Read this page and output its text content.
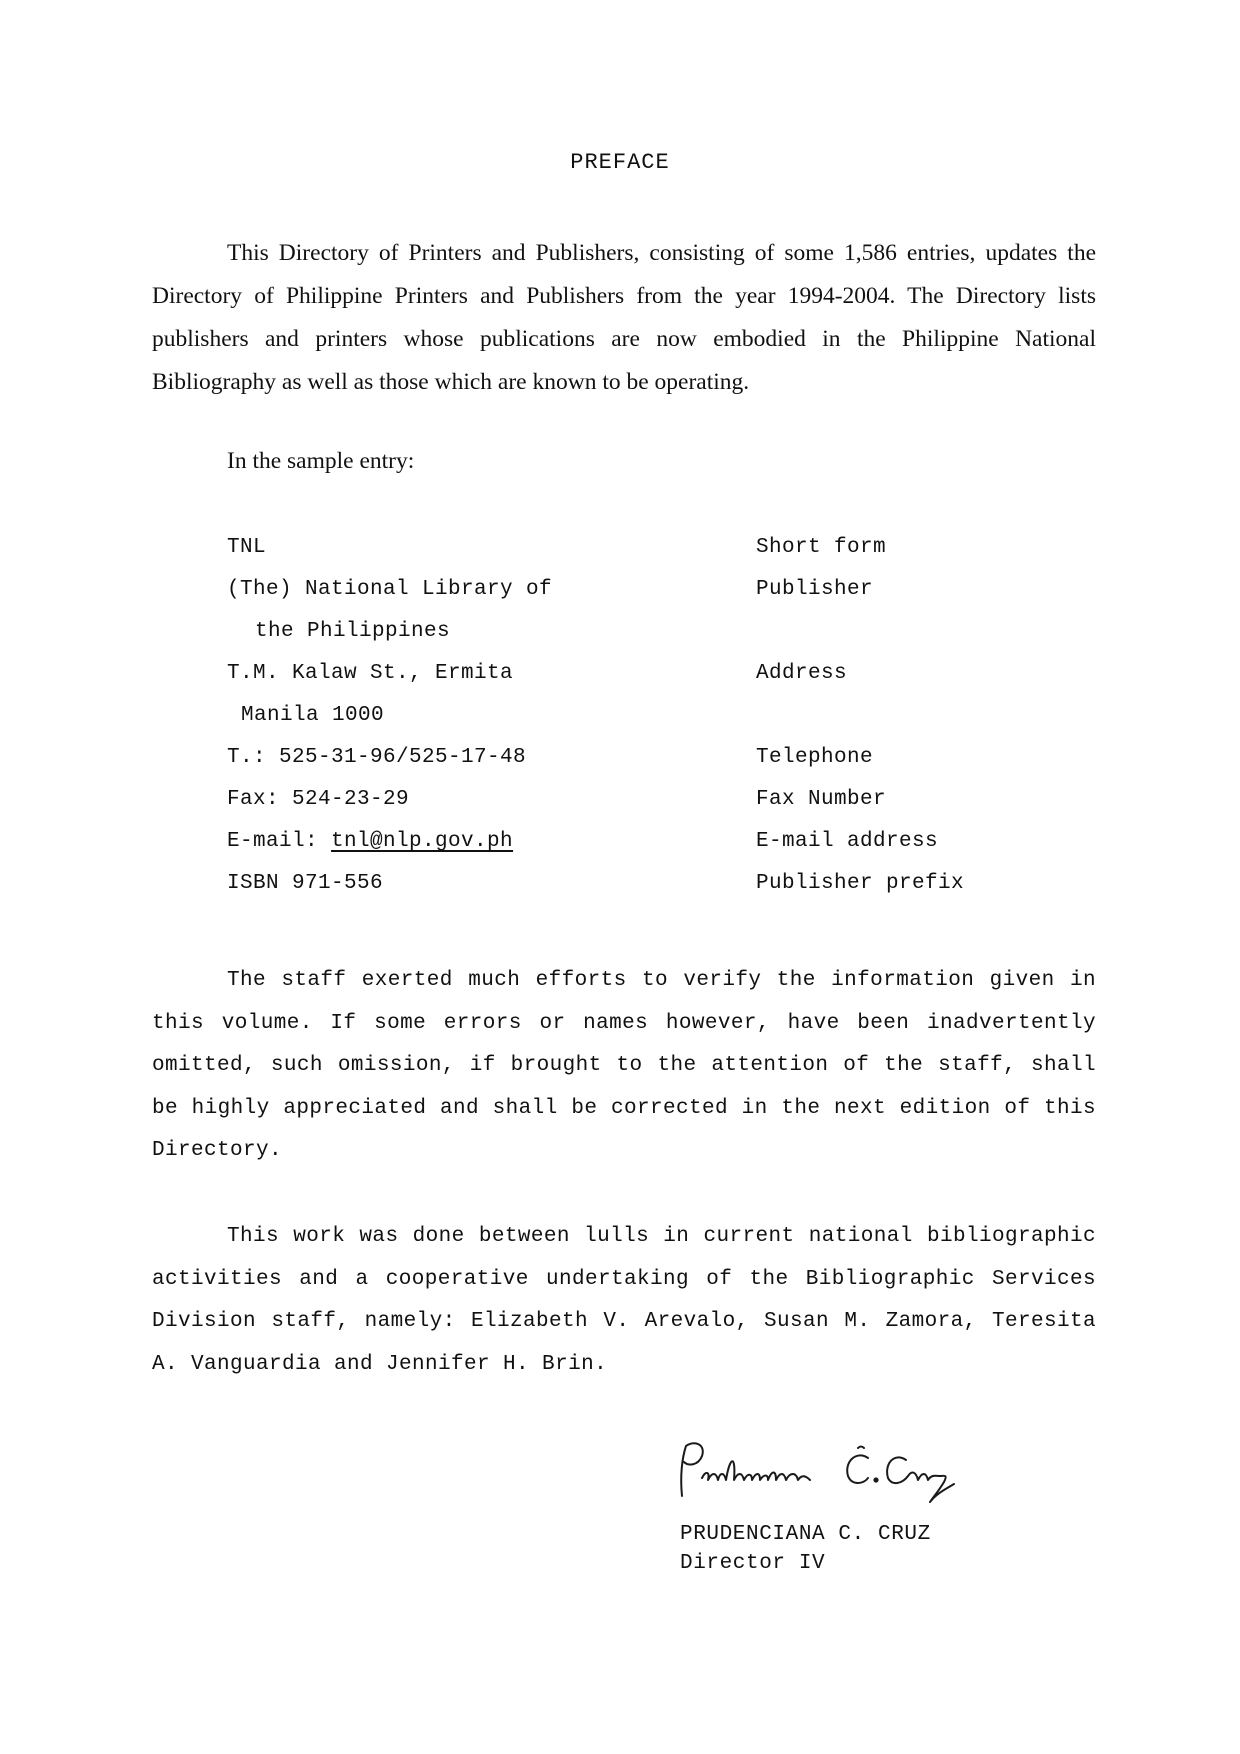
PREFACE
This Directory of Printers and Publishers, consisting of some 1,586 entries, updates the Directory of Philippine Printers and Publishers from the year 1994-2004. The Directory lists publishers and printers whose publications are now embodied in the Philippine National Bibliography as well as those which are known to be operating.
In the sample entry:
TNL
(The) National Library of
the Philippines
T.M. Kalaw St., Ermita
Manila 1000
T.: 525-31-96/525-17-48
Fax: 524-23-29
E-mail: tnl@nlp.gov.ph
ISBN 971-556
Short form
Publisher
Address
Telephone
Fax Number
E-mail address
Publisher prefix
The staff exerted much efforts to verify the information given in this volume. If some errors or names however, have been inadvertently omitted, such omission, if brought to the attention of the staff, shall be highly appreciated and shall be corrected in the next edition of this Directory.
This work was done between lulls in current national bibliographic activities and a cooperative undertaking of the Bibliographic Services Division staff, namely: Elizabeth V. Arevalo, Susan M. Zamora, Teresita A. Vanguardia and Jennifer H. Brin.
PRUDENCIANA C. CRUZ
Director IV
